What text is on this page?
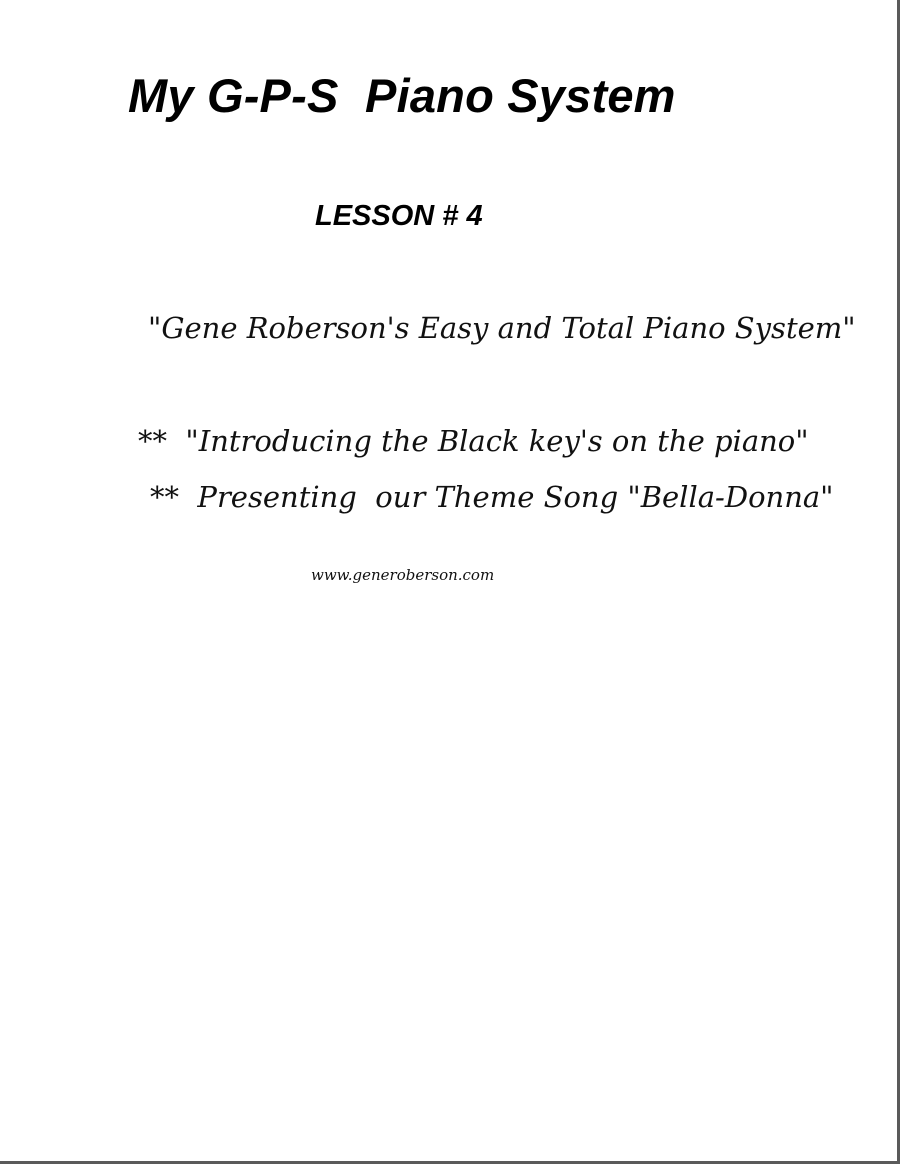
My G-P-S  Piano System
LESSON # 4

"Gene Roberson's Easy and Total Piano System"

**  "Introducing the Black key's on the piano"

**  Presenting  our Theme Song "Bella-Donna"

www.generoberson.com
